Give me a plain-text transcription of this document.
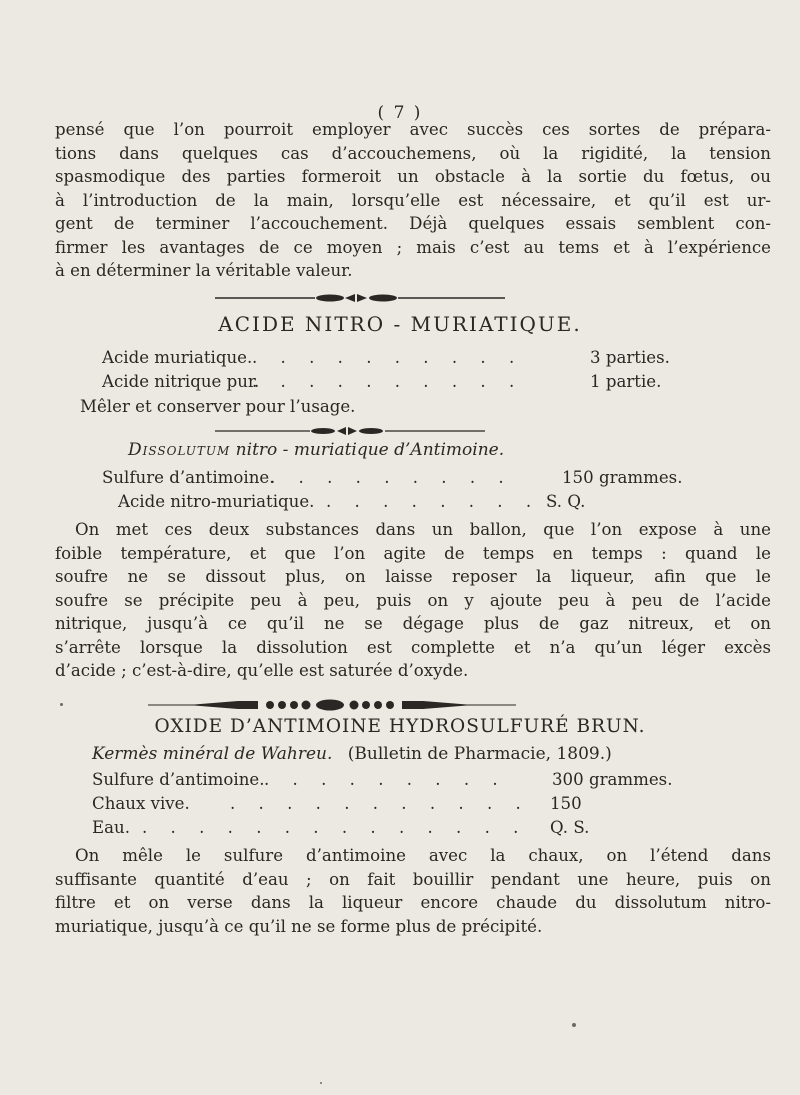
( 7 )
pensé que l’on pourroit employer avec succès ces sortes de prépara-
tions dans quelques cas d’accouchemens, où la rigidité, la tension
spasmodique des parties formeroit un obstacle à la sortie du fœtus, ou
à l’introduction de la main, lorsqu’elle est nécessaire, et qu’il est ur-
gent de terminer l’accouchement. Déjà quelques essais semblent con-
firmer les avantages de ce moyen ; mais c’est au tems et à l’expérience
à en déterminer la véritable valeur.
ACIDE NITRO - MURIATIQUE.
Acide muriatique.. . . . . . . . . .	3 parties.
Acide nitrique pur.. . . . . . . . . .	1 partie.
Mêler et conserver pour l’usage.
Dissolutum nitro - muriatique d’Antimoine.
Sulfure d’antimoine.. . . . . . . . .	150 grammes.
Acide nitro-muriatique. . . . . . . . . S. Q.
On met ces deux substances dans un ballon, que l’on expose à une
foible température, et que l’on agite de temps en temps : quand le
soufre ne se dissout plus, on laisse reposer la liqueur, afin que le
soufre se précipite peu à peu, puis on y ajoute peu à peu de l’acide
nitrique, jusqu’à ce qu’il ne se dégage plus de gaz nitreux, et on
s’arrête lorsque la dissolution est complette et n’a qu’un léger excès
d’acide ; c’est-à-dire, qu’elle est saturée d’oxyde.
OXIDE D’ANTIMOINE HYDROSULFURÉ BRUN.
Kermès minéral de Wahreu. (Bulletin de Pharmacie, 1809.)
Sulfure d’antimoine.. . . . . . . . .	300 grammes.
Chaux vive. . . . . . . . . . . . 150
Eau. . . . . . . . . . . . . . . Q. S.
On mêle le sulfure d’antimoine avec la chaux, on l’étend dans
suffisante quantité d’eau ; on fait bouillir pendant une heure, puis on
filtre et on verse dans la liqueur encore chaude du dissolutum nitro-
muriatique, jusqu’à ce qu’il ne se forme plus de précipité.
